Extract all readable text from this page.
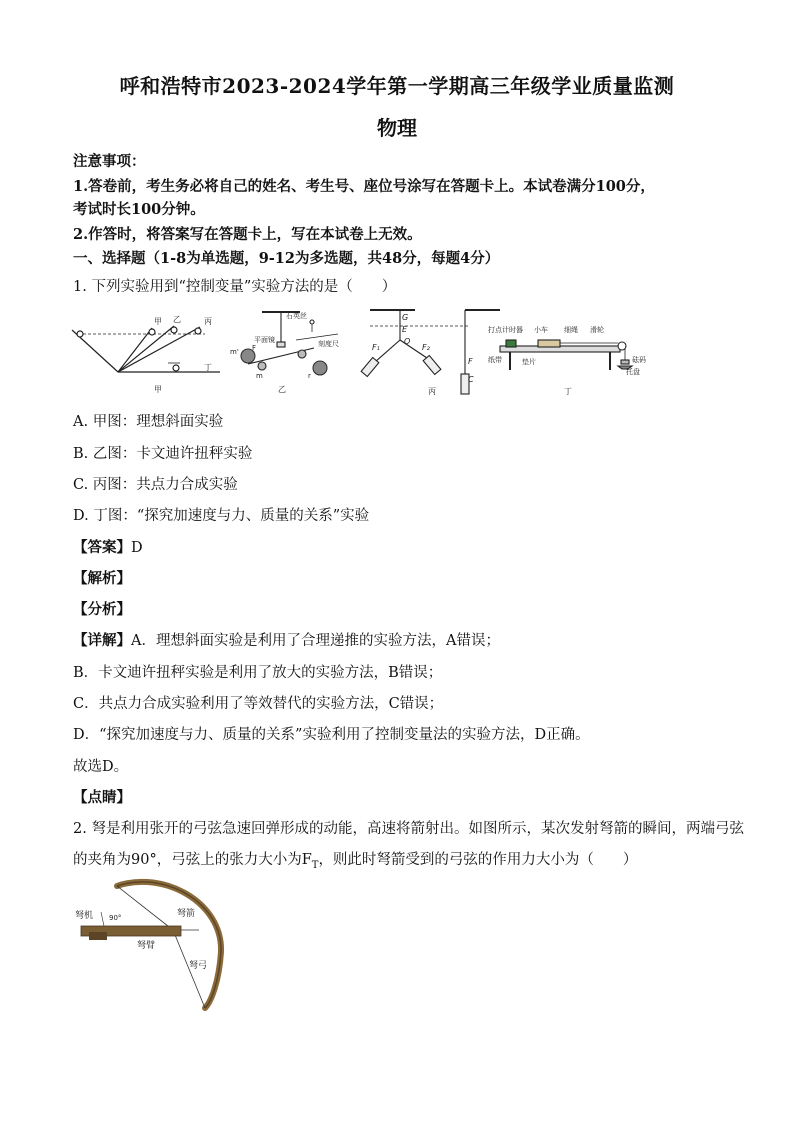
呼和浩特市2023-2024学年第一学期高三年级学业质量监测
物理
注意事项：
1.答卷前，考生务必将自己的姓名、考生号、座位号涂写在答题卡上。本试卷满分100分，
考试时长100分钟。
2.作答时，将答案写在答题卡上，写在本试卷上无效。
一、选择题（1-8为单选题，9-12为多选题，共48分，每题4分）
1. 下列实验用到“控制变量”实验方法的是（　　）
甲 乙	丙
丁
甲
石英丝
平面镜	刻度尺
m'
m
F
r
乙
G
E
O
F₁	F₂
F
C
丙
打点计时器 小车 细绳 滑轮
纸带	垫片	砝码
托盘
丁
A. 甲图：理想斜面实验
B. 乙图：卡文迪许扭秤实验
C. 丙图：共点力合成实验
D. 丁图：“探究加速度与力、质量的关系”实验
【答案】D
【解析】
【分析】
【详解】A．理想斜面实验是利用了合理递推的实验方法，A错误；
B．卡文迪许扭秤实验是利用了放大的实验方法，B错误；
C．共点力合成实验利用了等效替代的实验方法，C错误；
D．“探究加速度与力、质量的关系”实验利用了控制变量法的实验方法，D正确。
故选D。
【点睛】
2. 弩是利用张开的弓弦急速回弹形成的动能，高速将箭射出。如图所示，某次发射弩箭的瞬间，两端弓弦
的夹角为90°，弓弦上的张力大小为$F_T$，则此时弩箭受到的弓弦的作用力大小为（　　）
弩机 90°	弩箭
弩臂
弩弓
